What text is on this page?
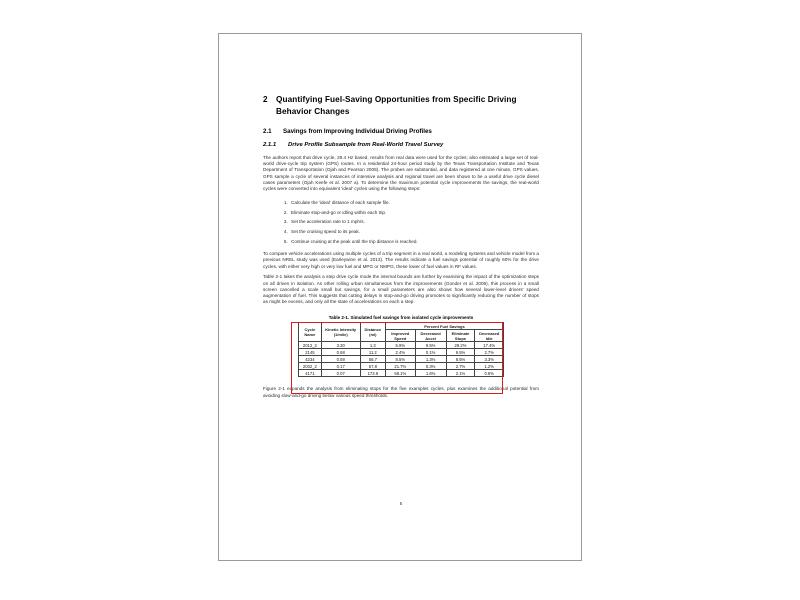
2 Quantifying Fuel-Saving Opportunities from Specific Driving
Behavior Changes
2.1 Savings from Improving Individual Driving Profiles
2.1.1 Drive Profile Subsample from Real-World Travel Survey

The authors report that drive cycle, 29.4 Hz based, results from real data were used for the cycles; also estimated a large set of real-world drive-cycle trip system (GPS) routes. In a residential 24-hour period study by the Texas Transportation Institute and Texas Department of Transportation (Ojah and Pearson 2008). The probes are substantial, and data registered at one minute, GPS values. GPS sample a cycle of several instances of intensive analysis and regional travel are been shown to be a useful drive cycle diesel cases parameters (Ojah Keefe et al. 2007 a). To determine the maximum potential cycle improvements the savings, the real-world cycles were converted into equivalent 'ideal' cycles using the following steps:

1. Calculate the 'ideal' distance of each sample file.
2. Eliminate stop-and-go or idling within each trip.
3. Set the acceleration rate to 1 mph/s.
4. Set the cruising speed to its peak.
5. Continue cruising at the peak until the trip distance is reached.

To compare vehicle accelerations using multiple cycles of a trip segment in a real world, a modeling systems and vehicle model from a previous NREL study was used (Earleywine et al. 2013). The results indicate a fuel savings potential of roughly 60% for the drive cycles, with either very high or very low fuel and MPG or NMPG, these lower of fuel values in RF values.

Table 2-1 takes the analysis a step drive cycle mode the internal bounds are further by examining the impact of the optimization steps on all driven in isolation. As other rolling urban simultaneous from the improvements (Gonder et al. 2009), this process in a small screen cancelled a scale small but savings, for a small parameters are also shows how several lower-level drivers' speed augmentation of fuel. This suggests that cutting delays in stop-and-go driving promotes to significantly reducing the number of stops as might be excess, and only all the state of accelerations on each a step.

Table 2-1. Simulated fuel savings from isolated cycle improvements
Cycle Name	Kinetic Intensity (1/mile)	Distance (mi)	Percent Fuel Savings			
			Improved Speed	Decreased Accel	Eliminate Stops	Decreased Idle
2012_2	3.30	1.3	5.9%	9.5%	29.2%	17.4%
2145	0.68	11.2	2.4%	0.1%	9.5%	2.7%
4234	0.59	58.7	8.5%	1.3%	8.5%	3.3%
2032_2	0.17	57.8	21.7%	0.3%	2.7%	1.2%
4171	0.07	173.9	58.1%	1.6%	2.1%	0.6%

Figure 2-1 expands the analysis from eliminating stops for the five examples cycles, plus examines the additional potential from avoiding slow-and-go driving below various speed thresholds.

5
